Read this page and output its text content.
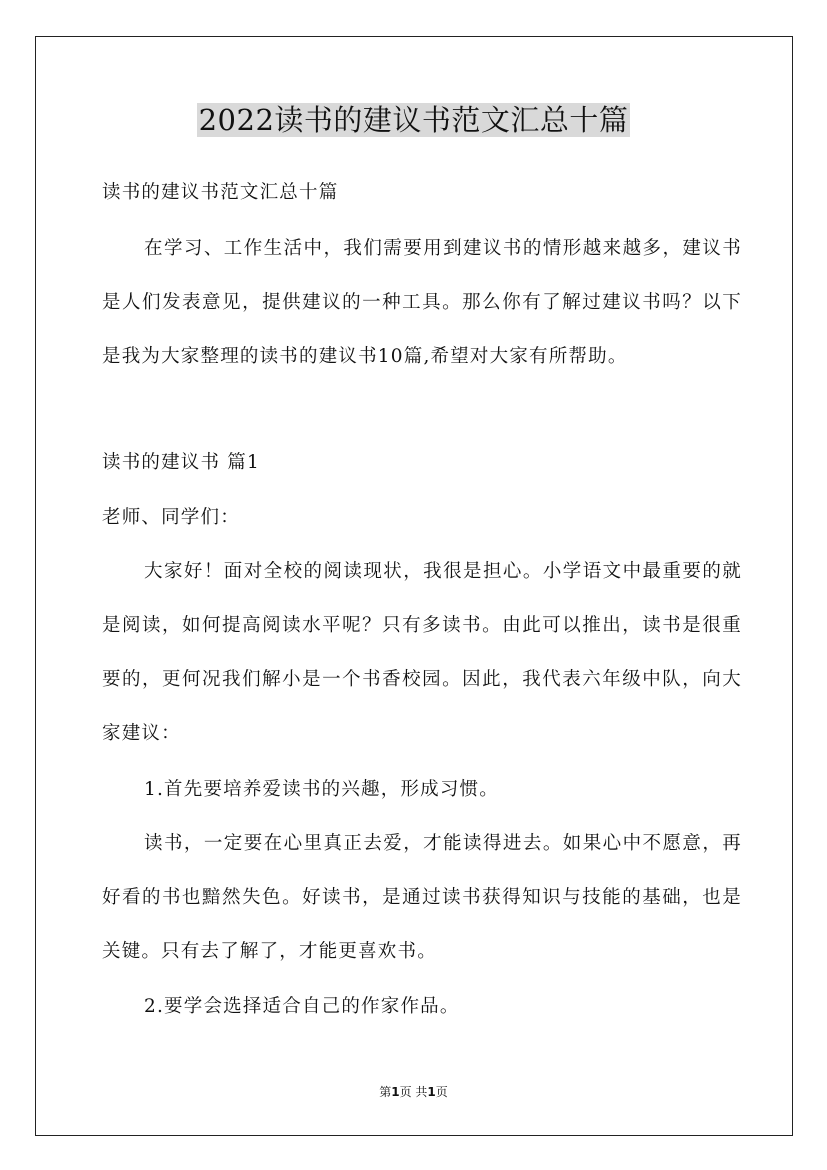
2022读书的建议书范文汇总十篇
读书的建议书范文汇总十篇
在学习、工作生活中，我们需要用到建议书的情形越来越多，建议书是人们发表意见，提供建议的一种工具。那么你有了解过建议书吗？以下是我为大家整理的读书的建议书10篇,希望对大家有所帮助。
读书的建议书 篇1
老师、同学们：
大家好！面对全校的阅读现状，我很是担心。小学语文中最重要的就是阅读，如何提高阅读水平呢？只有多读书。由此可以推出，读书是很重要的，更何况我们解小是一个书香校园。因此，我代表六年级中队，向大家建议：
1.首先要培养爱读书的兴趣，形成习惯。
读书，一定要在心里真正去爱，才能读得进去。如果心中不愿意，再好看的书也黯然失色。好读书，是通过读书获得知识与技能的基础，也是关键。只有去了解了，才能更喜欢书。
2.要学会选择适合自己的作家作品。
第1页 共1页
